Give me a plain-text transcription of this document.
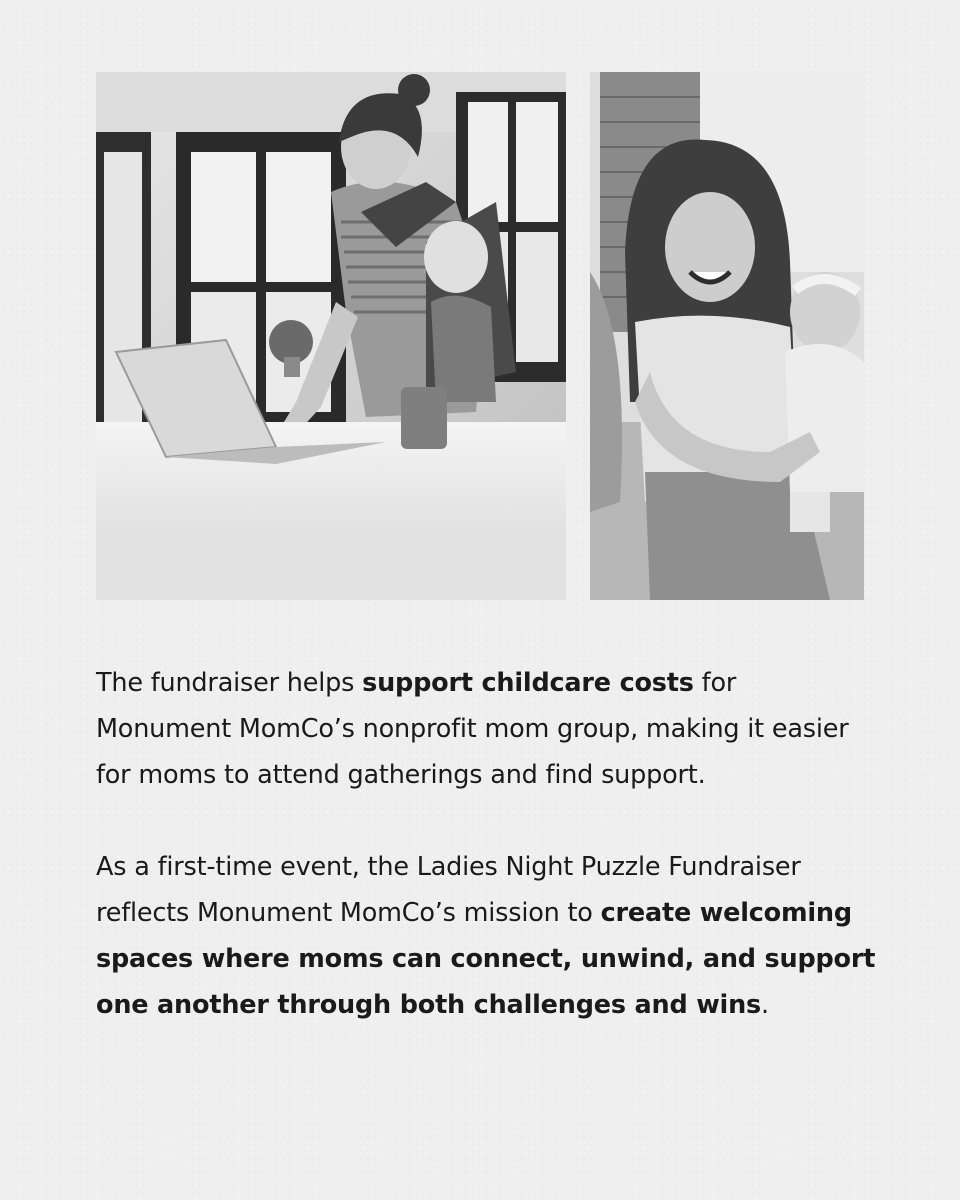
The fundraiser helps support childcare costs for Monument MomCo’s nonprofit mom group, making it easier for moms to attend gatherings and find support.

As a first-time event, the Ladies Night Puzzle Fundraiser reflects Monument MomCo’s mission to create welcoming spaces where moms can connect, unwind, and support one another through both challenges and wins.
